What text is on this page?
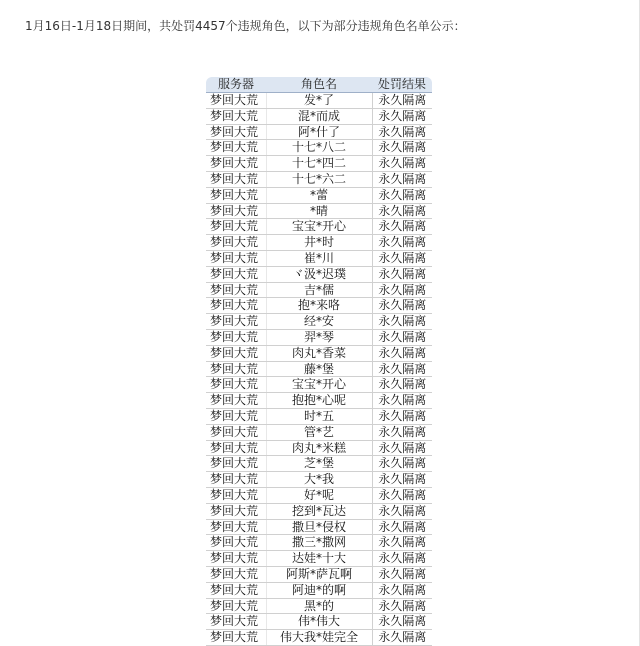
1月16日-1月18日期间，共处罚4457个违规角色，以下为部分违规角色名单公示：
服务器	角色名	处罚结果
梦回大荒	发*了	永久隔离
梦回大荒	混*而成	永久隔离
梦回大荒	阿*什了	永久隔离
梦回大荒	十七*八二	永久隔离
梦回大荒	十七*四二	永久隔离
梦回大荒	十七*六二	永久隔离
梦回大荒	*蕾	永久隔离
梦回大荒	*晴	永久隔离
梦回大荒	宝宝*开心	永久隔离
梦回大荒	井*时	永久隔离
梦回大荒	崔*川	永久隔离
梦回大荒	ヾ汲*迟璞	永久隔离
梦回大荒	吉*儒	永久隔离
梦回大荒	抱*来咯	永久隔离
梦回大荒	经*安	永久隔离
梦回大荒	羿*琴	永久隔离
梦回大荒	肉丸*香菜	永久隔离
梦回大荒	藤*堡	永久隔离
梦回大荒	宝宝*开心	永久隔离
梦回大荒	抱抱*心呢	永久隔离
梦回大荒	时*五	永久隔离
梦回大荒	管*艺	永久隔离
梦回大荒	肉丸*米糕	永久隔离
梦回大荒	芝*堡	永久隔离
梦回大荒	大*我	永久隔离
梦回大荒	好*呢	永久隔离
梦回大荒	挖到*瓦达	永久隔离
梦回大荒	撒旦*侵权	永久隔离
梦回大荒	撒三*撒网	永久隔离
梦回大荒	达娃*十大	永久隔离
梦回大荒	阿斯*萨瓦啊	永久隔离
梦回大荒	阿迪*的啊	永久隔离
梦回大荒	黑*的	永久隔离
梦回大荒	伟*伟大	永久隔离
梦回大荒	伟大我*娃完全	永久隔离
